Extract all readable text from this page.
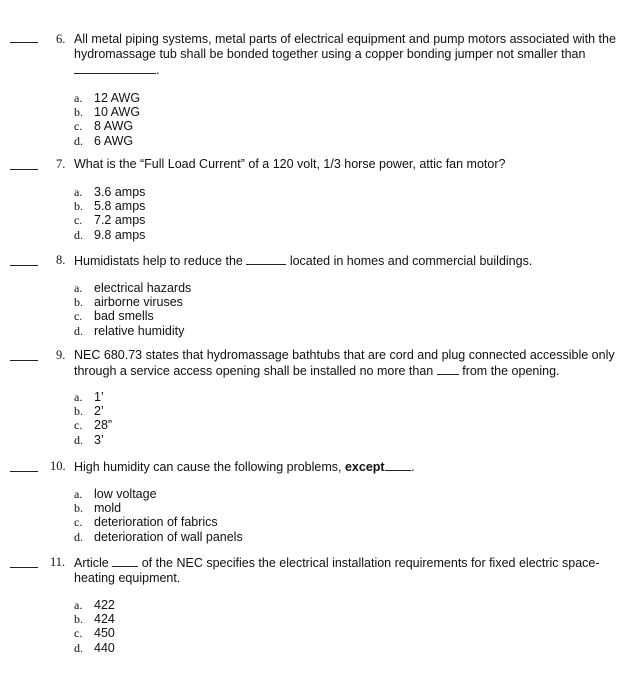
6. All metal piping systems, metal parts of electrical equipment and pump motors associated with the hydromassage tub shall be bonded together using a copper bonding jumper not smaller than
.
a. 12 AWG
b. 10 AWG
c. 8 AWG
d. 6 AWG
7. What is the “Full Load Current” of a 120 volt, 1/3 horse power, attic fan motor?
a. 3.6 amps
b. 5.8 amps
c. 7.2 amps
d. 9.8 amps
8. Humidistats help to reduce the	located in homes and commercial buildings.
a. electrical hazards
b. airborne viruses
c. bad smells
d. relative humidity
9. NEC 680.73 states that hydromassage bathtubs that are cord and plug connected accessible only through a service access opening shall be installed no more than from the opening.
a. 1’
b. 2’
c. 28”
d. 3’
10. High humidity can cause the following problems, except .
a. low voltage
b. mold
c. deterioration of fabrics
d. deterioration of wall panels
11. Article	of the NEC specifies the electrical installation requirements for fixed electric space-heating equipment.
a. 422
b. 424
c. 450
d. 440
